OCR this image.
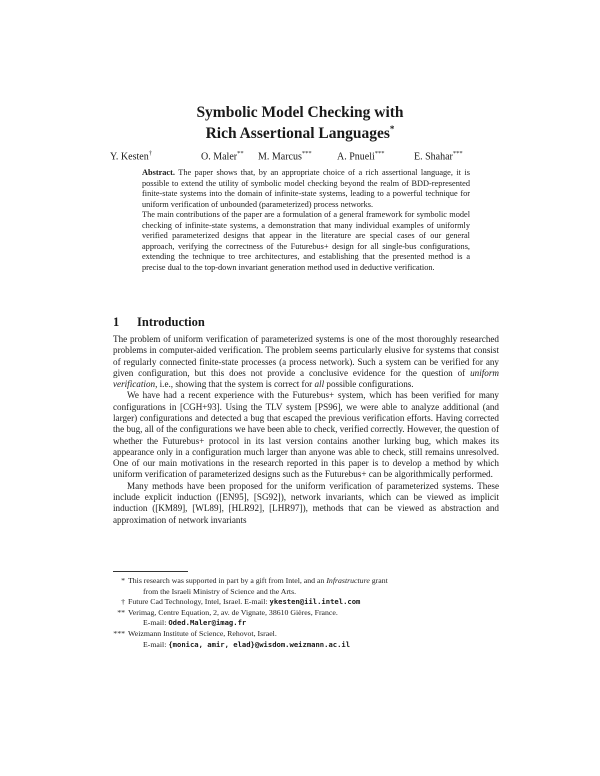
Symbolic Model Checking with
Rich Assertional Languages*
Y. Kesten†	O. Maler** M. Marcus***	A. Pnueli***	E. Shahar***

Abstract. The paper shows that, by an appropriate choice of a rich assertional language, it is possible to extend the utility of symbolic model checking beyond the realm of BDD-represented finite-state systems into the domain of infinite-state systems, leading to a powerful technique for uniform verification of unbounded (parameterized) process networks.

The main contributions of the paper are a formulation of a general framework for symbolic model checking of infinite-state systems, a demonstration that many individual examples of uniformly verified parameterized designs that appear in the literature are special cases of our general approach, verifying the correctness of the Futurebus+ design for all single-bus configurations, extending the technique to tree architectures, and establishing that the presented method is a precise dual to the top-down invariant generation method used in deductive verification.

1 Introduction

The problem of uniform verification of parameterized systems is one of the most thoroughly researched problems in computer-aided verification. The problem seems particularly elusive for systems that consist of regularly connected finite-state processes (a process network). Such a system can be verified for any given configuration, but this does not provide a conclusive evidence for the question of uniform verification, i.e., showing that the system is correct for all possible configurations.

We have had a recent experience with the Futurebus+ system, which has been verified for many configurations in [CGH+93]. Using the TLV system [PS96], we were able to analyze additional (and larger) configurations and detected a bug that escaped the previous verification efforts. Having corrected the bug, all of the configurations we have been able to check, verified correctly. However, the question of whether the Futurebus+ protocol in its last version contains another lurking bug, which makes its appearance only in a configuration much larger than anyone was able to check, still remains unresolved. One of our main motivations in the research reported in this paper is to develop a method by which uniform verification of parameterized designs such as the Futurebus+ can be algorithmically performed.

Many methods have been proposed for the uniform verification of parameterized systems. These include explicit induction ([EN95], [SG92]), network invariants, which can be viewed as implicit induction ([KM89], [WL89], [HLR92], [LHR97]), methods that can be viewed as abstraction and approximation of network invariants

* This research was supported in part by a gift from Intel, and an Infrastructure grant
from the Israeli Ministry of Science and the Arts.
† Future Cad Technology, Intel, Israel. E-mail: ykesten@iil.intel.com
** Verimag, Centre Equation, 2, av. de Vignate, 38610 Gières, France.
E-mail: Oded.Maler@imag.fr
*** Weizmann Institute of Science, Rehovot, Israel.
E-mail: {monica, amir, elad}@wisdom.weizmann.ac.il
